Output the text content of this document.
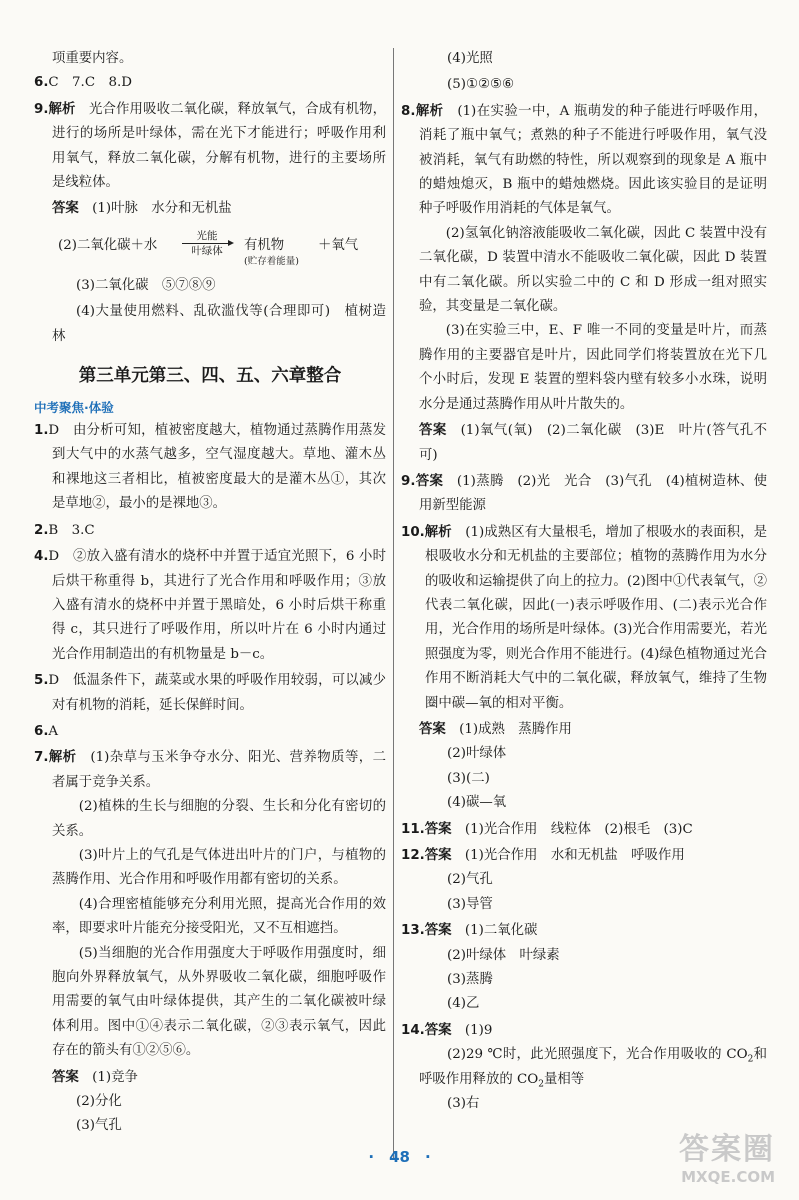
项重要内容。

6.C　7.C　8.D

9.解析　 光合作用吸收二氧化碳，释放氧气，合成有机物，进行的场所是叶绿体，需在光下才能进行；呼吸作用利用氧气，释放二氧化碳，分解有机物，进行的主要场所是线粒体。

答案　 (1)叶脉　水分和无机盐

(2)二氧化碳＋水
光能
叶绿体	有机物
(贮存着能量)
＋氧气

(3)二氧化碳　⑤⑦⑧⑨

(4)大量使用燃料、乱砍滥伐等(合理即可)　植树造林

第三单元第三、四、五、六章整合
中考聚焦·体验

1.D　由分析可知，植被密度越大，植物通过蒸腾作用蒸发到大气中的水蒸气越多，空气湿度越大。草地、灌木丛和裸地这三者相比，植被密度最大的是灌木丛①，其次是草地②，最小的是裸地③。

2.B　3.C

4.D　②放入盛有清水的烧杯中并置于适宜光照下，6 小时后烘干称重得 b，其进行了光合作用和呼吸作用；③放入盛有清水的烧杯中并置于黑暗处，6 小时后烘干称重得 c，其只进行了呼吸作用，所以叶片在 6 小时内通过光合作用制造出的有机物量是 b－c。

5.D　低温条件下，蔬菜或水果的呼吸作用较弱，可以减少对有机物的消耗，延长保鲜时间。

6.A

7.解析　 (1)杂草与玉米争夺水分、阳光、营养物质等，二者属于竞争关系。

(2)植株的生长与细胞的分裂、生长和分化有密切的关系。

(3)叶片上的气孔是气体进出叶片的门户，与植物的蒸腾作用、光合作用和呼吸作用都有密切的关系。

(4)合理密植能够充分利用光照，提高光合作用的效率，即要求叶片能充分接受阳光，又不互相遮挡。

(5)当细胞的光合作用强度大于呼吸作用强度时，细胞向外界释放氧气，从外界吸收二氧化碳，细胞呼吸作用需要的氧气由叶绿体提供，其产生的二氧化碳被叶绿体利用。图中①④表示二氧化碳，②③表示氧气，因此存在的箭头有①②⑤⑥。

答案　 (1)竞争

(2)分化

(3)气孔

(4)光照

(5)①②⑤⑥

8.解析　 (1)在实验一中，A 瓶萌发的种子能进行呼吸作用，消耗了瓶中氧气；煮熟的种子不能进行呼吸作用，氧气没被消耗，氧气有助燃的特性，所以观察到的现象是 A 瓶中的蜡烛熄灭，B 瓶中的蜡烛燃烧。因此该实验目的是证明种子呼吸作用消耗的气体是氧气。

(2)氢氧化钠溶液能吸收二氧化碳，因此 C 装置中没有二氧化碳，D 装置中清水不能吸收二氧化碳，因此 D 装置中有二氧化碳。所以实验二中的 C 和 D 形成一组对照实验，其变量是二氧化碳。

(3)在实验三中，E、F 唯一不同的变量是叶片，而蒸腾作用的主要器官是叶片，因此同学们将装置放在光下几个小时后，发现 E 装置的塑料袋内壁有较多小水珠，说明水分是通过蒸腾作用从叶片散失的。

答案　 (1)氧气(氧)　(2)二氧化碳　(3)E　叶片(答气孔不可)

9.答案　 (1)蒸腾　(2)光　光合　(3)气孔　(4)植树造林、使用新型能源

10.解析　 (1)成熟区有大量根毛，增加了根吸水的表面积，是根吸收水分和无机盐的主要部位；植物的蒸腾作用为水分的吸收和运输提供了向上的拉力。(2)图中①代表氧气，②代表二氧化碳，因此(一)表示呼吸作用、(二)表示光合作用，光合作用的场所是叶绿体。(3)光合作用需要光，若光照强度为零，则光合作用不能进行。(4)绿色植物通过光合作用不断消耗大气中的二氧化碳，释放氧气，维持了生物圈中碳—氧的相对平衡。

答案　 (1)成熟　蒸腾作用

(2)叶绿体

(3)(二)

(4)碳—氧

11.答案　 (1)光合作用　线粒体　(2)根毛　(3)C

12.答案　 (1)光合作用　水和无机盐　呼吸作用

(2)气孔

(3)导管

13.答案　 (1)二氧化碳

(2)叶绿体　叶绿素

(3)蒸腾

(4)乙

14.答案　 (1)9

(2)29 ℃时，此光照强度下，光合作用吸收的 $CO_2$和呼吸作用释放的 $CO_2$量相等

(3)右

·　 48　 ·	答案圈
MXQE.COM
